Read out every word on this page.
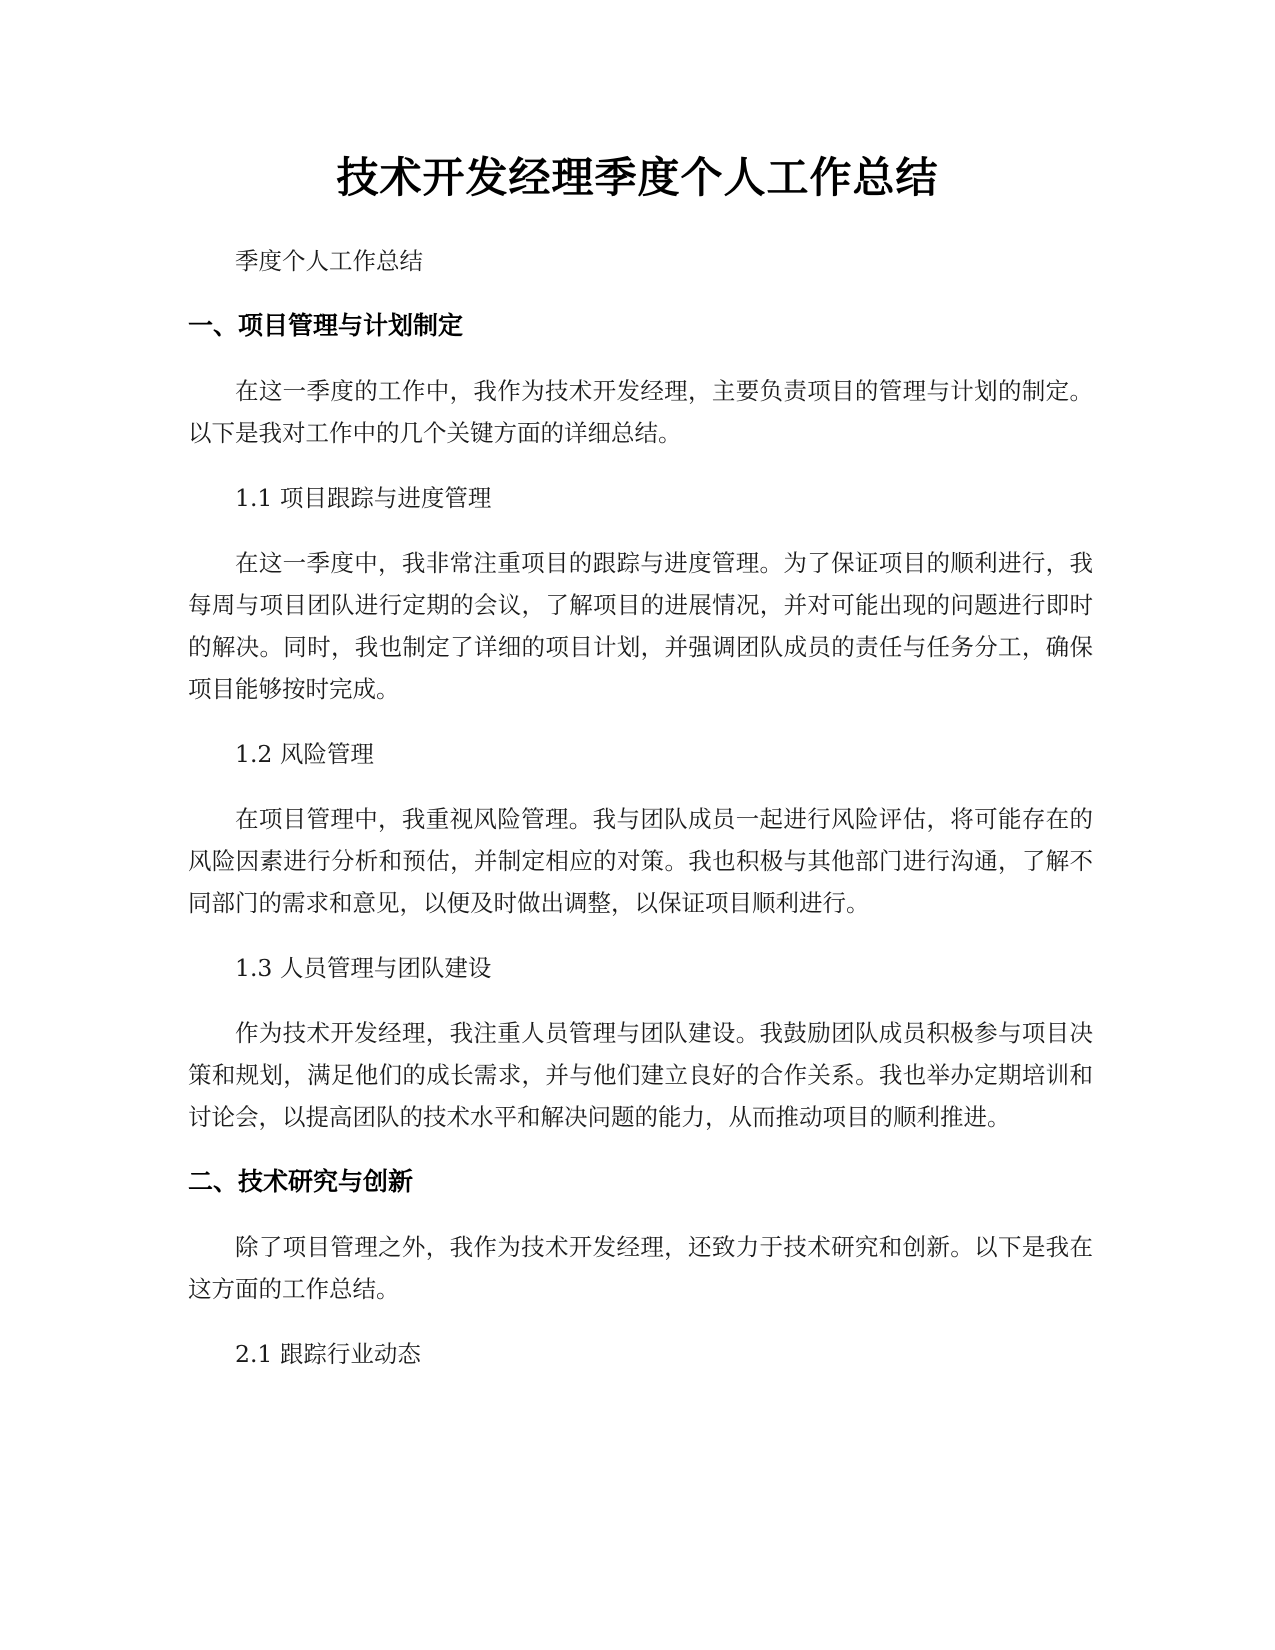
技术开发经理季度个人工作总结
季度个人工作总结
一、项目管理与计划制定
在这一季度的工作中，我作为技术开发经理，主要负责项目的管理与计划的制定。以下是我对工作中的几个关键方面的详细总结。
1.1 项目跟踪与进度管理
在这一季度中，我非常注重项目的跟踪与进度管理。为了保证项目的顺利进行，我每周与项目团队进行定期的会议，了解项目的进展情况，并对可能出现的问题进行即时的解决。同时，我也制定了详细的项目计划，并强调团队成员的责任与任务分工，确保项目能够按时完成。
1.2 风险管理
在项目管理中，我重视风险管理。我与团队成员一起进行风险评估，将可能存在的风险因素进行分析和预估，并制定相应的对策。我也积极与其他部门进行沟通，了解不同部门的需求和意见，以便及时做出调整，以保证项目顺利进行。
1.3 人员管理与团队建设
作为技术开发经理，我注重人员管理与团队建设。我鼓励团队成员积极参与项目决策和规划，满足他们的成长需求，并与他们建立良好的合作关系。我也举办定期培训和讨论会，以提高团队的技术水平和解决问题的能力，从而推动项目的顺利推进。
二、技术研究与创新
除了项目管理之外，我作为技术开发经理，还致力于技术研究和创新。以下是我在这方面的工作总结。
2.1 跟踪行业动态
